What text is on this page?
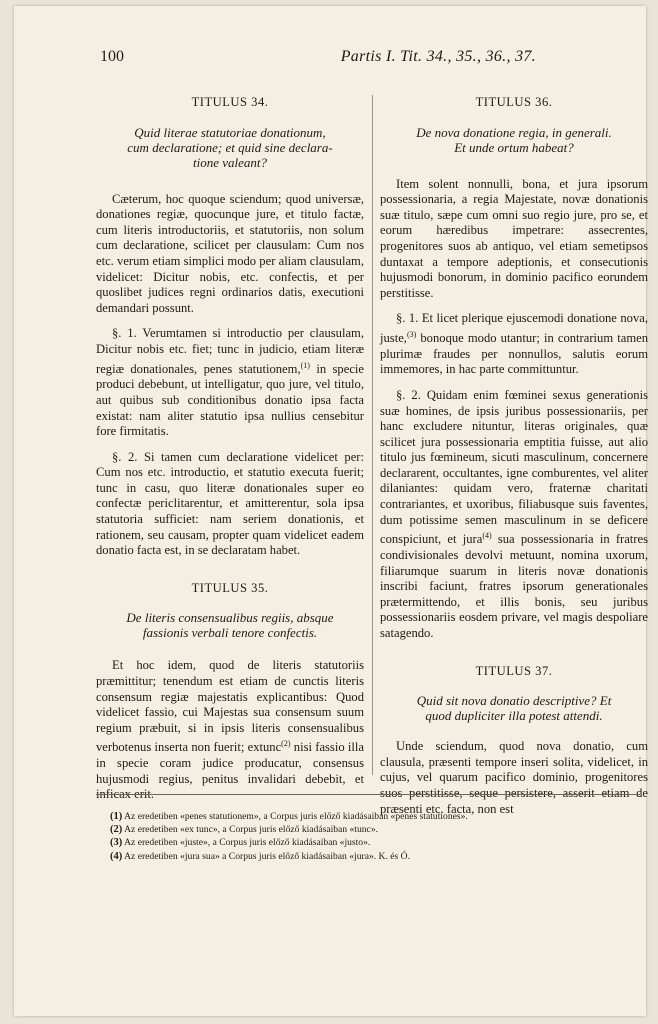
100	Partis I. Tit. 34., 35., 36., 37.
TITULUS 34.
Quid literae statutoriae donationum,
cum declaratione; et quid sine declara-
tione valeant?

Cæterum, hoc quoque sciendum; quod universæ, donationes regiæ, quocunque jure, et titulo factæ, cum literis introductoriis, et statutoriis, non solum cum declaratione, scilicet per clausulam: Cum nos etc. verum etiam simplici modo per aliam clausulam, videlicet: Dicitur nobis, etc. confectis, et per quoslibet judices regni ordinarios datis, executioni demandari possunt.

§. 1. Verumtamen si introductio per clausulam, Dicitur nobis etc. fiet; tunc in judicio, etiam literæ regiæ donationales, penes statutionem,$^{(1)}$ in specie produci debebunt, ut intelligatur, quo jure, vel titulo, aut quibus sub conditionibus donatio ipsa facta existat: nam aliter statutio ipsa nullius censebitur fore firmitatis.

§. 2. Si tamen cum declaratione videlicet per: Cum nos etc. introductio, et statutio executa fuerit; tunc in casu, quo literæ donationales super eo confectæ periclitarentur, et amitterentur, sola ipsa statutoria sufficiet: nam seriem donationis, et rationem, seu causam, propter quam videlicet eadem donatio facta est, in se declaratam habet.

TITULUS 35.
De literis consensualibus regiis, absque
fassionis verbali tenore confectis.

Et hoc idem, quod de literis statutoriis præmittitur; tenendum est etiam de cunctis literis consensum regiæ majestatis explicantibus: Quod videlicet fassio, cui Majestas sua consensum suum regium præbuit, si in ipsis literis consensualibus verbotenus inserta non fuerit; extunc$^{(2)}$ nisi fassio illa in specie coram judice producatur, consensus hujusmodi regius, penitus invalidari debebit, et inficax erit.

TITULUS 36.
De nova donatione regia, in generali.
Et unde ortum habeat?

Item solent nonnulli, bona, et jura ipsorum possessionaria, a regia Majestate, novæ donationis suæ titulo, sæpe cum omni suo regio jure, pro se, et eorum hæredibus impetrare: assecrentes, progenitores suos ab antiquo, vel etiam semetipsos duntaxat a tempore adeptionis, et consecutionis hujusmodi bonorum, in dominio pacifico eorundem perstitisse.

§. 1. Et licet plerique ejuscemodi donatione nova, juste,$^{(3)}$ bonoque modo utantur; in contrarium tamen plurimæ fraudes per nonnullos, salutis eorum immemores, in hac parte committuntur.

§. 2. Quidam enim fœminei sexus generationis suæ homines, de ipsis juribus possessionariis, per hanc excludere nituntur, literas originales, quæ scilicet jura possessionaria emptitia fuisse, aut alio titulo jus fœmineum, sicuti masculinum, concernere declararent, occultantes, igne comburentes, vel aliter dilaniantes: quidam vero, fraternæ charitati contrariantes, et uxoribus, filiabusque suis faventes, dum potissime semen masculinum in se deficere conspiciunt, et jura$^{(4)}$ sua possessionaria in fratres condivisionales devolvi metuunt, nomina uxorum, filiarumque suarum in literis novæ donationis inscribi faciunt, fratres ipsorum generationales prætermittendo, et illis bonis, seu juribus possessionariis eosdem privare, vel magis despoliare satagendo.

TITULUS 37.
Quid sit nova donatio descriptive? Et
quod dupliciter illa potest attendi.

Unde sciendum, quod nova donatio, cum clausula, præsenti tempore inseri solita, videlicet, in cujus, vel quarum pacifico dominio, progenitores suos perstitisse, seque persistere, asserit etiam de præsenti etc. facta, non est

(1) Az eredetiben «penes statutionem», a Corpus juris előző kiadásaiban «penes statutiones».
(2) Az eredetiben «ex tunc», a Corpus juris előző kiadásaiban «tunc».
(3) Az eredetiben «juste», a Corpus juris előző kiadásaiban «justo».
(4) Az eredetiben «jura sua» a Corpus juris előző kiadásaiban «jura». K. és Ó.
